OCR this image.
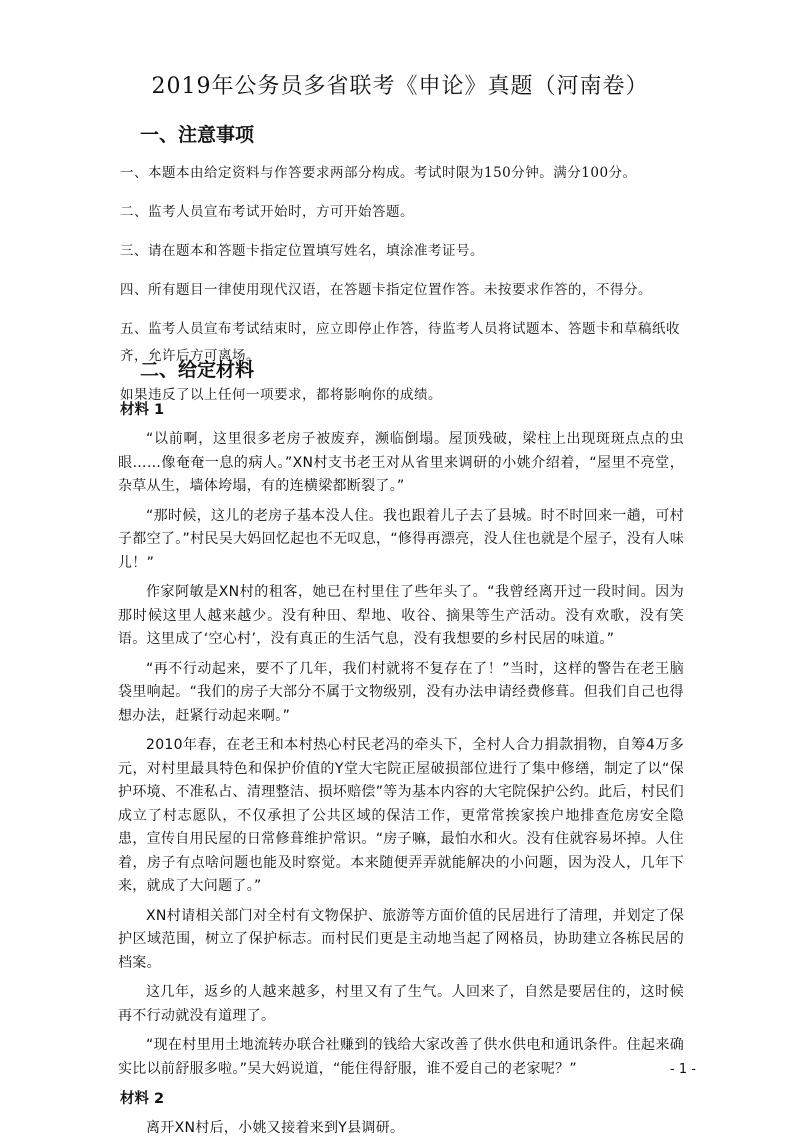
2019年公务员多省联考《申论》真题（河南卷）
一、注意事项

一、本题本由给定资料与作答要求两部分构成。考试时限为150分钟。满分100分。

二、监考人员宣布考试开始时，方可开始答题。

三、请在题本和答题卡指定位置填写姓名，填涂准考证号。

四、所有题目一律使用现代汉语，在答题卡指定位置作答。未按要求作答的，不得分。

五、监考人员宣布考试结束时，应立即停止作答，待监考人员将试题本、答题卡和草稿纸收齐，允许后方可离场。

如果违反了以上任何一项要求，都将影响你的成绩。

二、给定材料
材料 1

“以前啊，这里很多老房子被废弃，濒临倒塌。屋顶残破，梁柱上出现斑斑点点的虫眼……像奄奄一息的病人。”XN村支书老王对从省里来调研的小姚介绍着，“屋里不亮堂，杂草从生，墙体垮塌，有的连横梁都断裂了。”

“那时候，这儿的老房子基本没人住。我也跟着儿子去了县城。时不时回来一趟，可村子都空了。”村民吴大妈回忆起也不无叹息，“修得再漂亮，没人住也就是个屋子，没有人味儿！”

作家阿敏是XN村的租客，她已在村里住了些年头了。“我曾经离开过一段时间。因为那时候这里人越来越少。没有种田、犁地、收谷、摘果等生产活动。没有欢歌，没有笑语。这里成了‘空心村’，没有真正的生活气息，没有我想要的乡村民居的味道。”

“再不行动起来，要不了几年，我们村就将不复存在了！”当时，这样的警告在老王脑袋里响起。“我们的房子大部分不属于文物级别，没有办法申请经费修葺。但我们自己也得想办法，赶紧行动起来啊。”

2010年春，在老王和本村热心村民老冯的牵头下，全村人合力捐款捐物，自筹4万多元，对村里最具特色和保护价值的Y堂大宅院正屋破损部位进行了集中修缮，制定了以“保护环境、不准私占、清理整洁、损坏赔偿”等为基本内容的大宅院保护公约。此后，村民们成立了村志愿队，不仅承担了公共区域的保洁工作，更常常挨家挨户地排查危房安全隐患，宣传自用民屋的日常修葺维护常识。“房子嘛，最怕水和火。没有住就容易坏掉。人住着，房子有点啥问题也能及时察觉。本来随便弄弄就能解决的小问题，因为没人，几年下来，就成了大问题了。”

XN村请相关部门对全村有文物保护、旅游等方面价值的民居进行了清理，并划定了保护区域范围，树立了保护标志。而村民们更是主动地当起了网格员，协助建立各栋民居的档案。

这几年，返乡的人越来越多，村里又有了生气。人回来了，自然是要居住的，这时候再不行动就没有道理了。

“现在村里用土地流转办联合社赚到的钱给大家改善了供水供电和通讯条件。住起来确实比以前舒服多啦。”吴大妈说道，“能住得舒服，谁不爱自己的老家呢？”

材料 2

离开XN村后，小姚又接着来到Y县调研。

- 1 -
